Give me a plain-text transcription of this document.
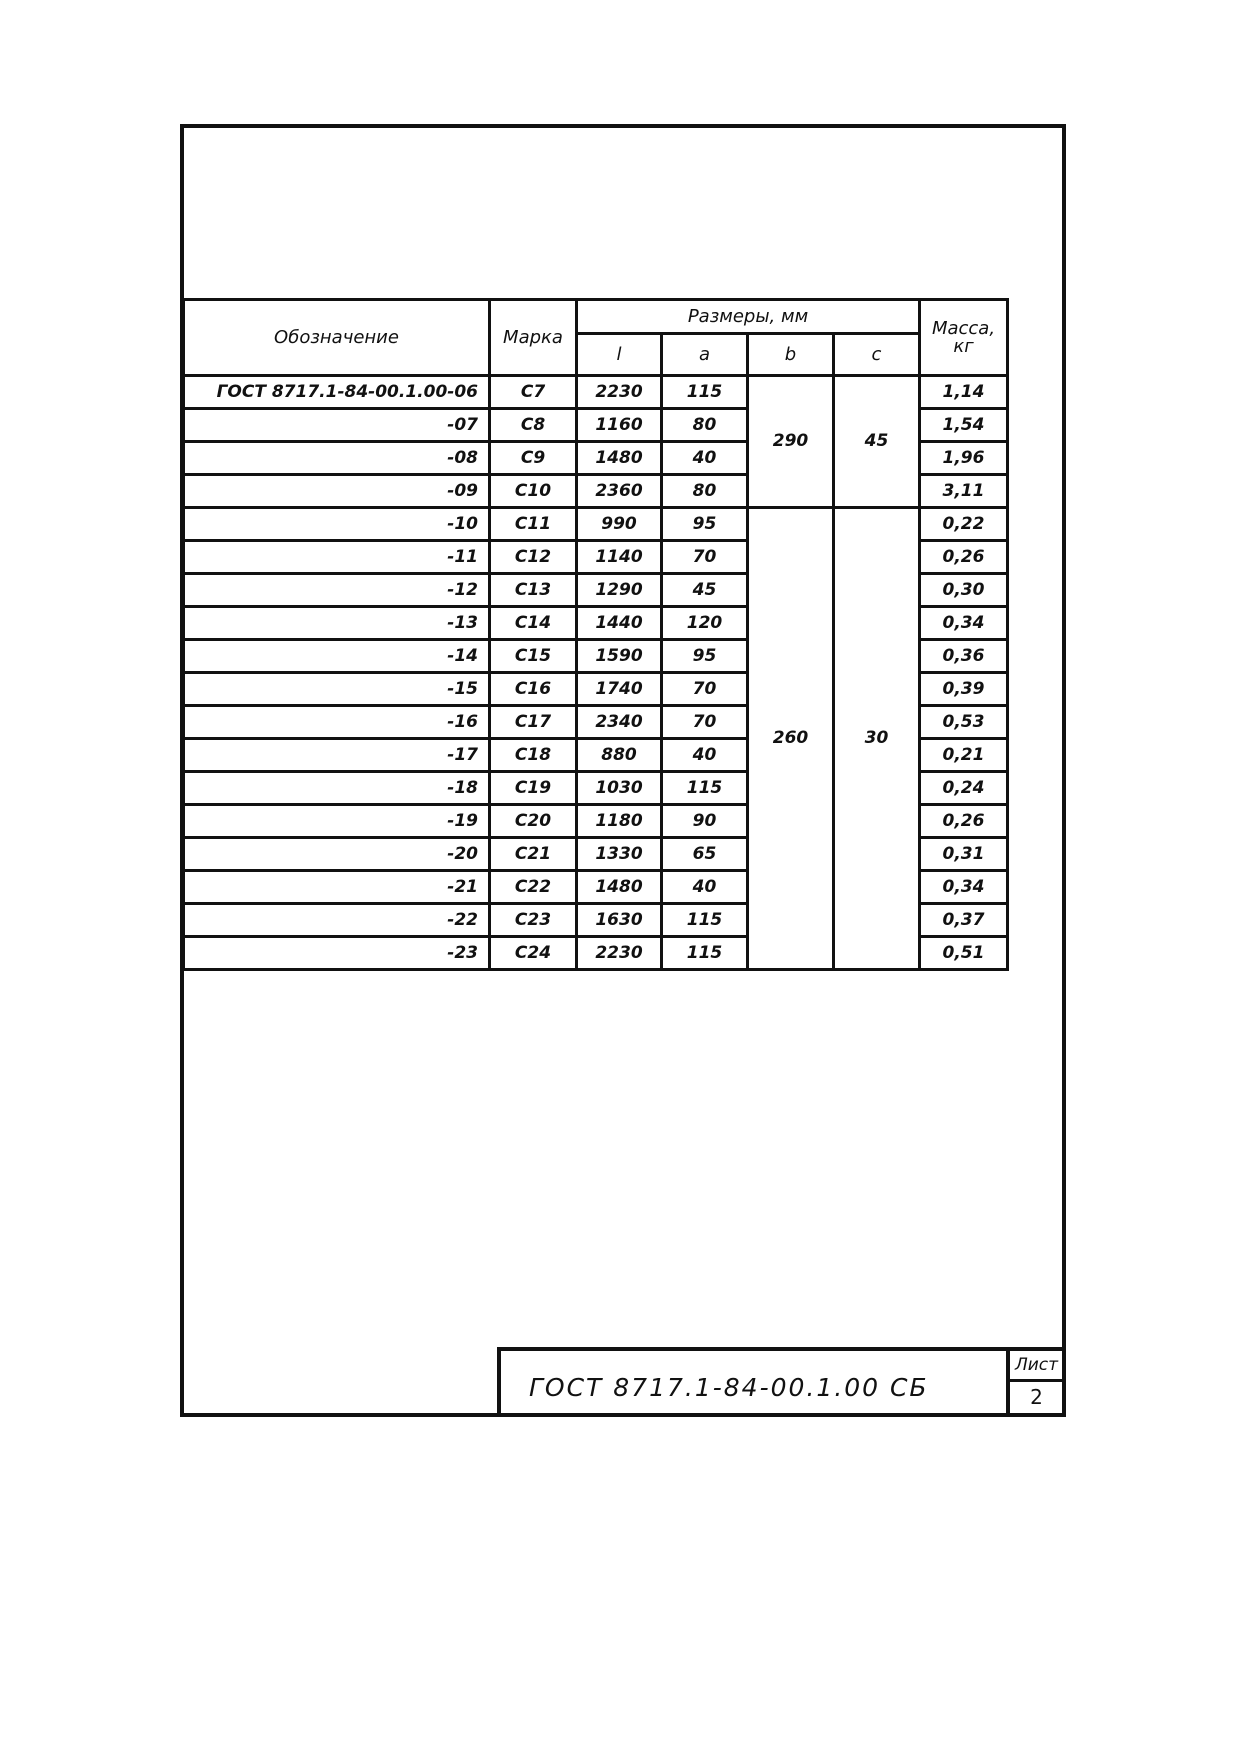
Обозначение	Марка	Размеры, мм				Масса, кг
		l	a	b	c	
ГОСТ 8717.1-84-00.1.00-06	С7	2230	115	290	45	1,14
-07	С8	1160	80			1,54
-08	С9	1480	40			1,96
-09	С10	2360	80			3,11
-10	С11	990	95	260	30	0,22
-11	С12	1140	70			0,26
-12	С13	1290	45			0,30
-13	С14	1440	120			0,34
-14	С15	1590	95			0,36
-15	С16	1740	70			0,39
-16	С17	2340	70			0,53
-17	С18	880	40			0,21
-18	С19	1030	115			0,24
-19	С20	1180	90			0,26
-20	С21	1330	65			0,31
-21	С22	1480	40			0,34
-22	С23	1630	115			0,37
-23	С24	2230	115			0,51
ГОСТ 8717.1-84-00.1.00 СБ
Лист
2
